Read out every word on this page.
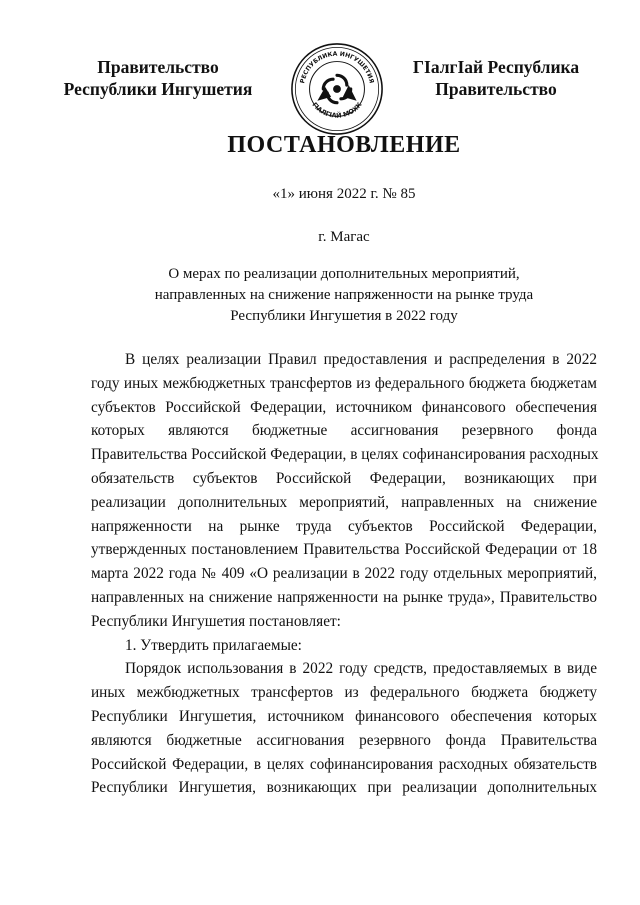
Правительство
Республики Ингушетия	РЕСПУБЛИКА ИНГУШЕТИЯ
ГIАЛГIАЙ МОХК
ГIалгIай Республика
Правительство
ПОСТАНОВЛЕНИЕ
«1» июня 2022 г. № 85
г. Магас
О мерах по реализации дополнительных мероприятий,
направленных на снижение напряженности на рынке труда
Республики Ингушетия в 2022 году
В целях реализации Правил предоставления и распределения в 2022
году иных межбюджетных трансфертов из федерального бюджета бюджетам
субъектов Российской Федерации, источником финансового обеспечения
которых являются бюджетные ассигнования резервного фонда
Правительства Российской Федерации, в целях софинансирования расходных
обязательств субъектов Российской Федерации, возникающих при
реализации дополнительных мероприятий, направленных на снижение
напряженности на рынке труда субъектов Российской Федерации,
утвержденных постановлением Правительства Российской Федерации от 18
марта 2022 года № 409 «О реализации в 2022 году отдельных мероприятий,
направленных на снижение напряженности на рынке труда», Правительство
Республики Ингушетия постановляет:
1. Утвердить прилагаемые:
Порядок использования в 2022 году средств, предоставляемых в виде
иных межбюджетных трансфертов из федерального бюджета бюджету
Республики Ингушетия, источником финансового обеспечения которых
являются бюджетные ассигнования резервного фонда Правительства
Российской Федерации, в целях софинансирования расходных обязательств
Республики Ингушетия, возникающих при реализации дополнительных
